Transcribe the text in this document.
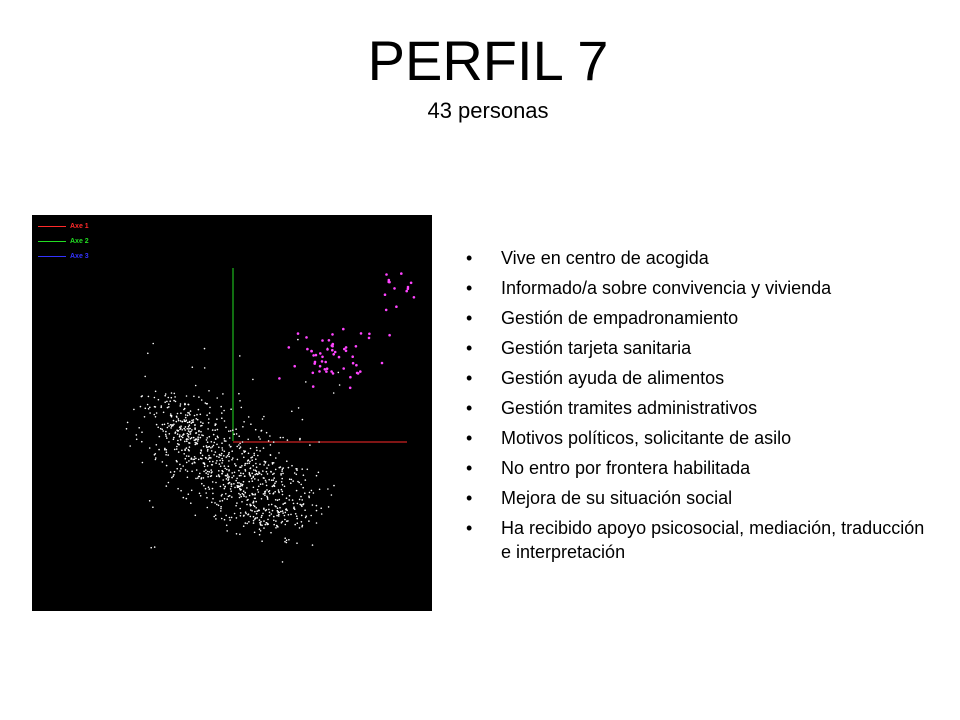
PERFIL 7
43 personas
Axe 1
Axe 2
Axe 3	• Vive en centro de acogida
• Informado/a sobre convivencia y vivienda
• Gestión de empadronamiento
• Gestión tarjeta sanitaria
• Gestión ayuda de alimentos
• Gestión tramites administrativos
• Motivos políticos, solicitante de asilo
• No entro por frontera habilitada
• Mejora de su situación social
• Ha recibido apoyo psicosocial, mediación, traducción e interpretación
